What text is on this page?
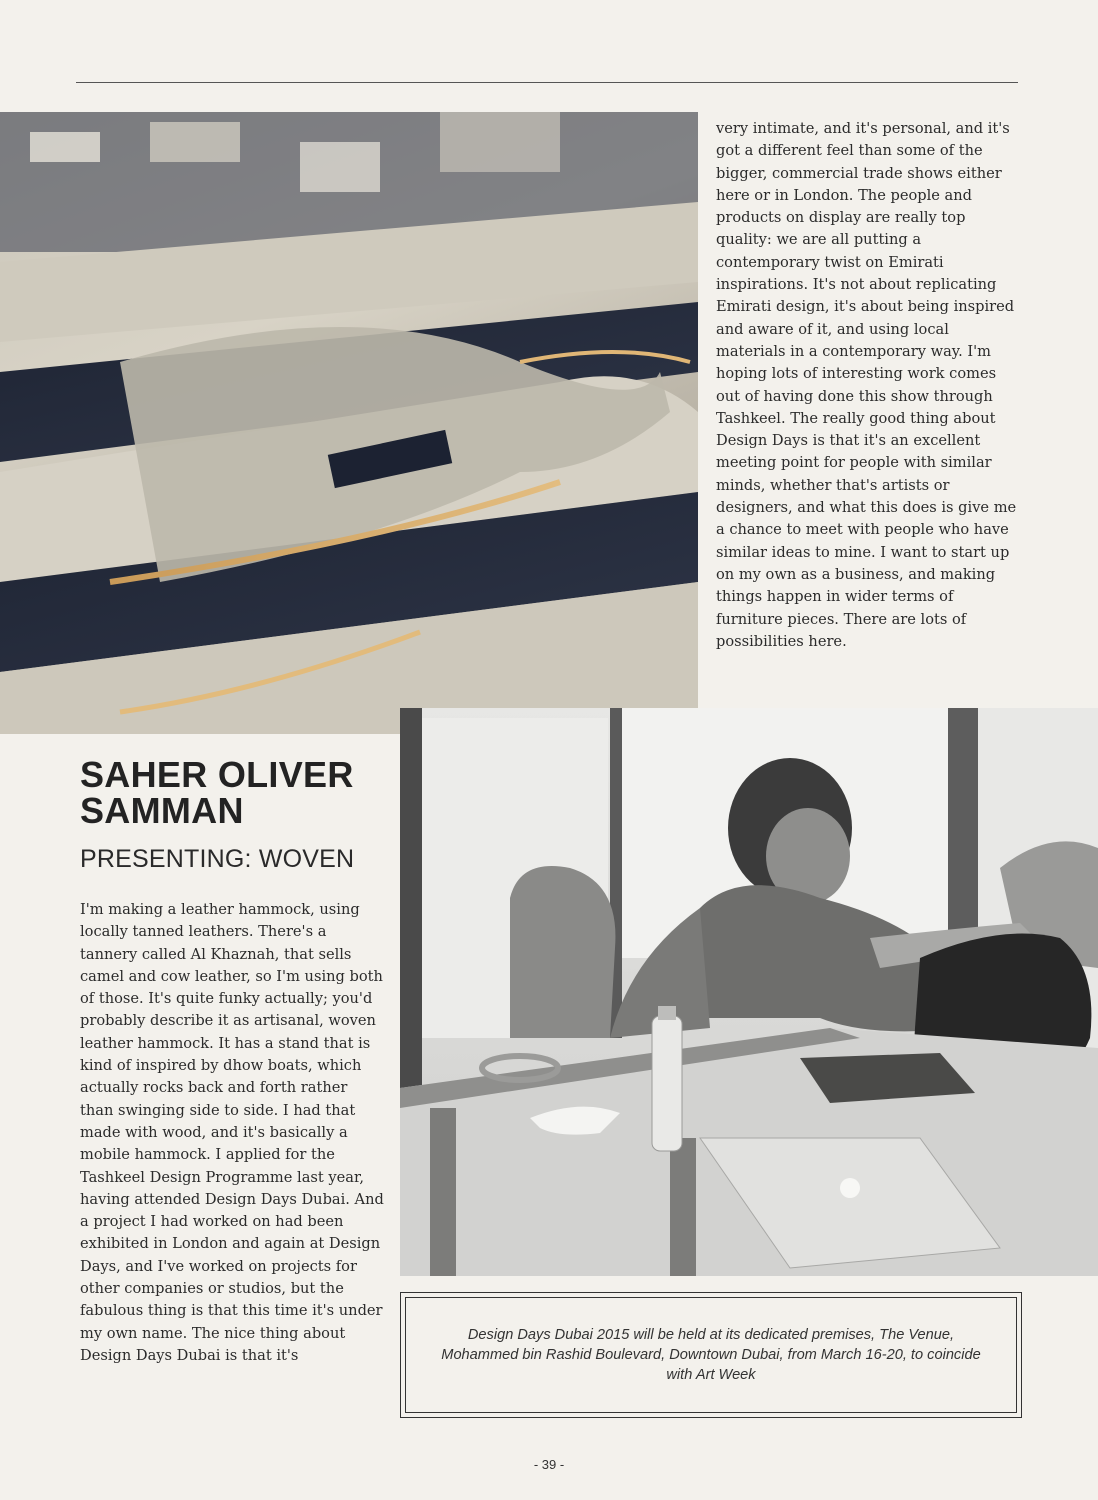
very intimate, and it's personal, and it's got a different feel than some of the bigger, commercial trade shows either here or in London. The people and products on display are really top quality: we are all putting a contemporary twist on Emirati inspirations. It's not about replicating Emirati design, it's about being inspired and aware of it, and using local materials in a contemporary way. I'm hoping lots of interesting work comes out of having done this show through Tashkeel. The really good thing about Design Days is that it's an excellent meeting point for people with similar minds, whether that's artists or designers, and what this does is give me a chance to meet with people who have similar ideas to mine. I want to start up on my own as a business, and making things happen in wider terms of furniture pieces. There are lots of possibilities here.

SAHER OLIVER SAMMAN
PRESENTING: WOVEN

I'm making a leather hammock, using locally tanned leathers. There's a tannery called Al Khaznah, that sells camel and cow leather, so I'm using both of those. It's quite funky actually; you'd probably describe it as artisanal, woven leather hammock. It has a stand that is kind of inspired by dhow boats, which actually rocks back and forth rather than swinging side to side. I had that made with wood, and it's basically a mobile hammock. I applied for the Tashkeel Design Programme last year, having attended Design Days Dubai. And a project I had worked on had been exhibited in London and again at Design Days, and I've worked on projects for other companies or studios, but the fabulous thing is that this time it's under my own name. The nice thing about Design Days Dubai is that it's

Design Days Dubai 2015 will be held at its dedicated premises, The Venue, Mohammed bin Rashid Boulevard, Downtown Dubai, from March 16-20, to coincide with Art Week
- 39 -
